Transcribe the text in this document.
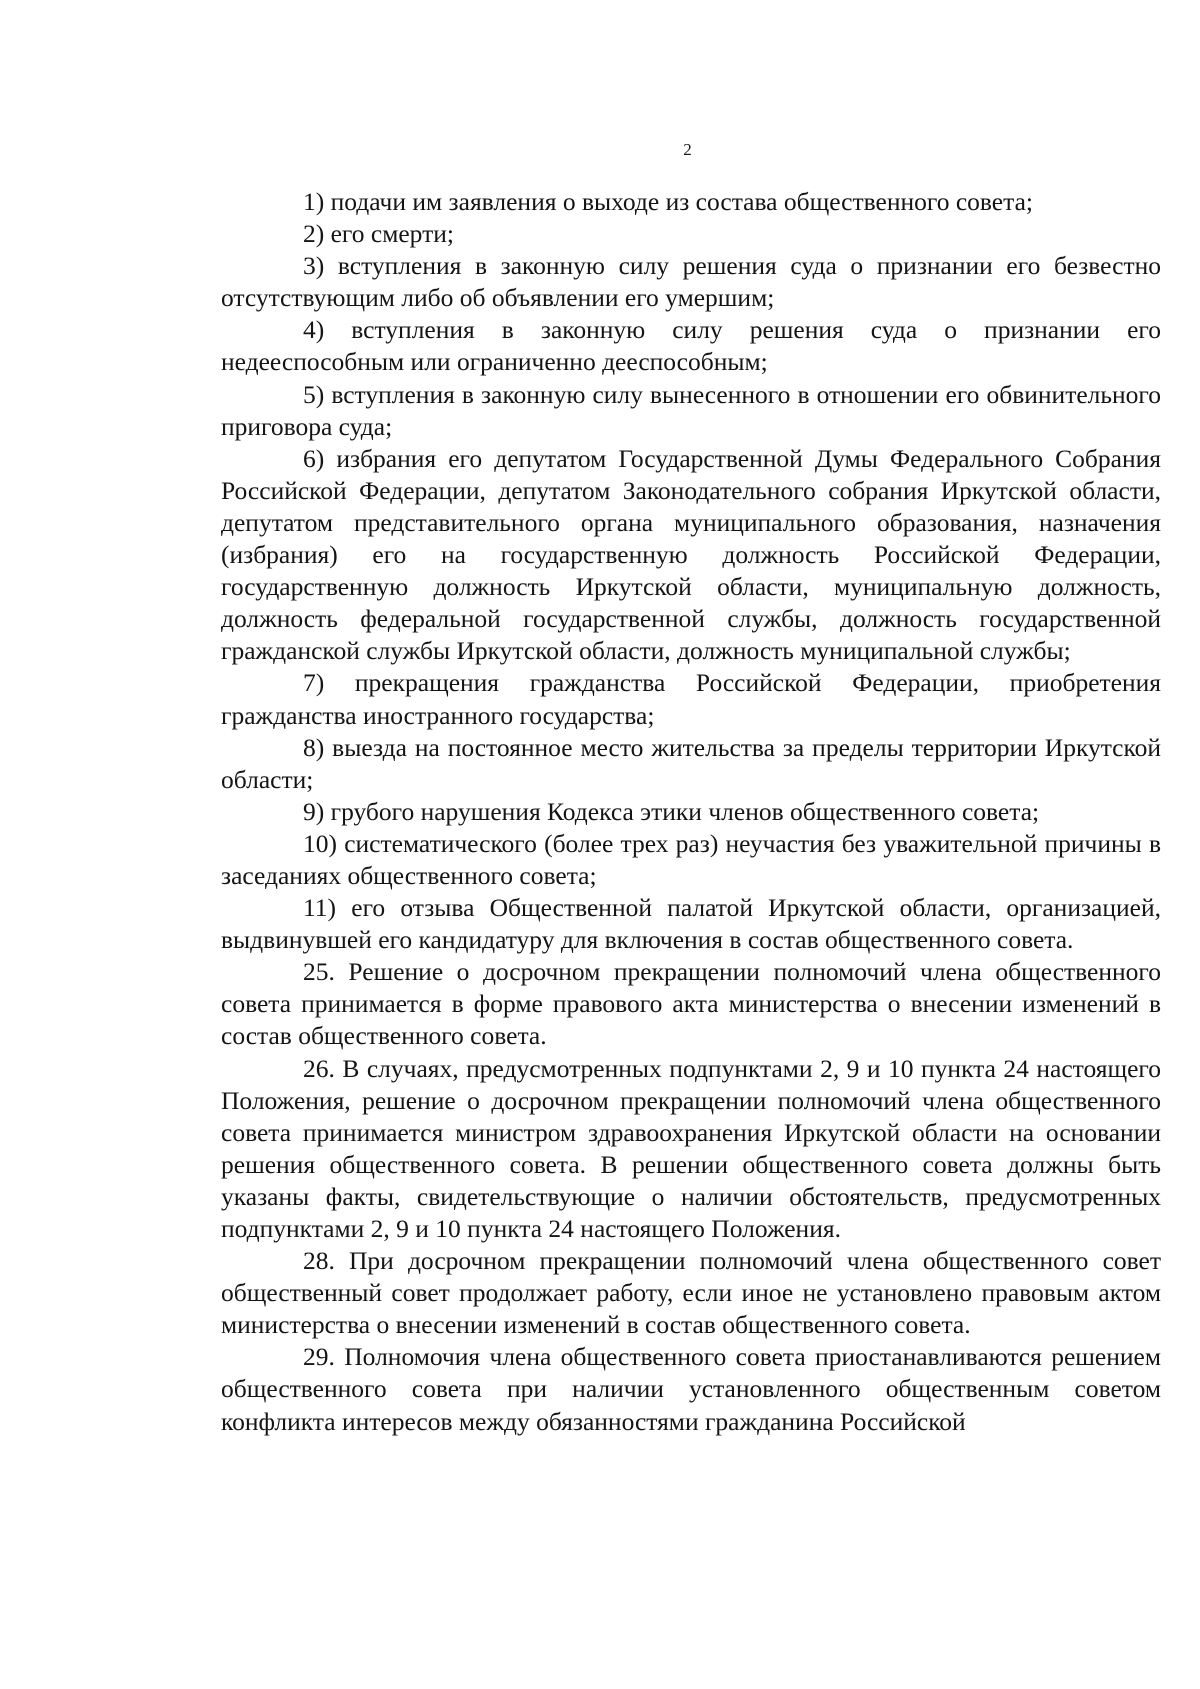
2

1) подачи им заявления о выходе из состава общественного совета;

2) его смерти;

3) вступления в законную силу решения суда о признании его безвестно отсутствующим либо об объявлении его умершим;

4) вступления в законную силу решения суда о признании его недееспособным или ограниченно дееспособным;

5) вступления в законную силу вынесенного в отношении его обвинительного приговора суда;

6) избрания его депутатом Государственной Думы Федерального Собрания Российской Федерации, депутатом Законодательного собрания Иркутской области, депутатом представительного органа муниципального образования, назначения (избрания) его на государственную должность Российской Федерации, государственную должность Иркутской области, муниципальную должность, должность федеральной государственной службы, должность государственной гражданской службы Иркутской области, должность муниципальной службы;

7) прекращения гражданства Российской Федерации, приобретения гражданства иностранного государства;

8) выезда на постоянное место жительства за пределы территории Иркутской области;

9) грубого нарушения Кодекса этики членов общественного совета;

10) систематического (более трех раз) неучастия без уважительной причины в заседаниях общественного совета;

11) его отзыва Общественной палатой Иркутской области, организацией, выдвинувшей его кандидатуру для включения в состав общественного совета.

25. Решение о досрочном прекращении полномочий члена общественного совета принимается в форме правового акта министерства о внесении изменений в состав общественного совета.

26. В случаях, предусмотренных подпунктами 2, 9 и 10 пункта 24 настоящего Положения, решение о досрочном прекращении полномочий члена общественного совета принимается министром здравоохранения Иркутской области на основании решения общественного совета. В решении общественного совета должны быть указаны факты, свидетельствующие о наличии обстоятельств, предусмотренных подпунктами 2, 9 и 10 пункта 24 настоящего Положения.

28. При досрочном прекращении полномочий члена общественного совет общественный совет продолжает работу, если иное не установлено правовым актом министерства о внесении изменений в состав общественного совета.

29. Полномочия члена общественного совета приостанавливаются решением общественного совета при наличии установленного общественным советом конфликта интересов между обязанностями гражданина Российской
